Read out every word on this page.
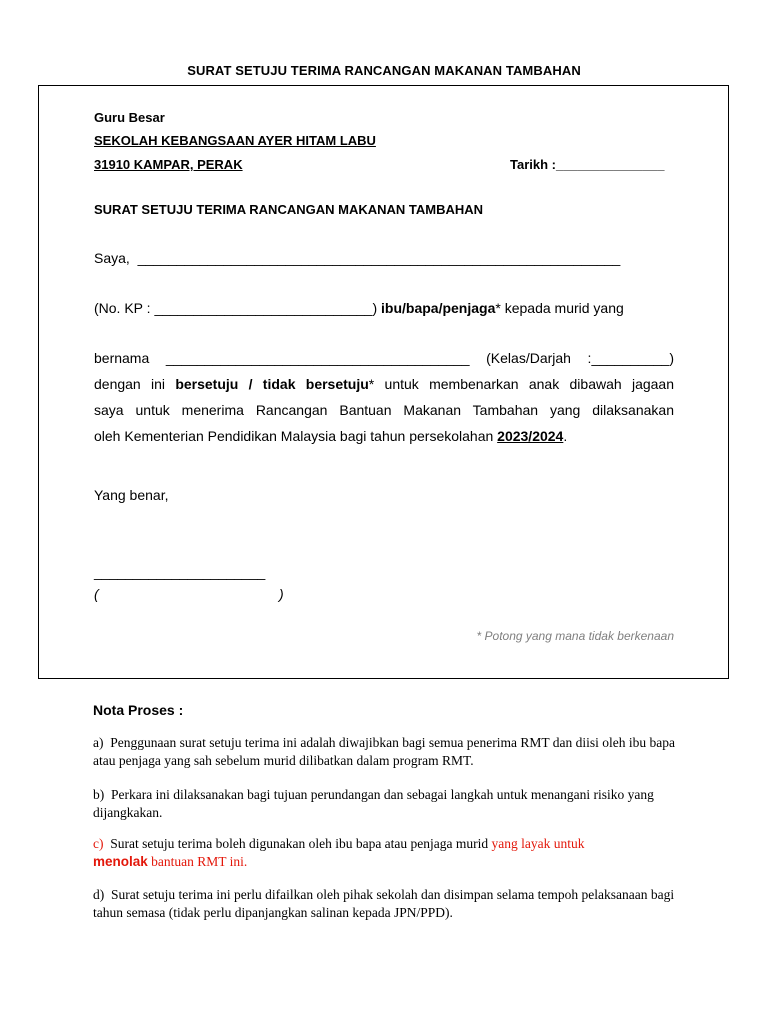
SURAT SETUJU TERIMA RANCANGAN MAKANAN TAMBAHAN
Guru Besar
SEKOLAH KEBANGSAAN AYER HITAM LABU
31910 KAMPAR, PERAK	Tarikh :_______________
SURAT SETUJU TERIMA RANCANGAN MAKANAN TAMBAHAN
Saya, ______________________________________________________________
(No. KP : ____________________________) ibu/bapa/penjaga* kepada murid yang
bernama _______________________________________ (Kelas/Darjah :__________)
dengan ini bersetuju / tidak bersetuju* untuk membenarkan anak dibawah jagaan
saya untuk menerima Rancangan Bantuan Makanan Tambahan yang dilaksanakan
oleh Kementerian Pendidikan Malaysia bagi tahun persekolahan 2023/2024.
Yang benar,
______________________
(	)
* Potong yang mana tidak berkenaan
Nota Proses :
a) Penggunaan surat setuju terima ini adalah diwajibkan bagi semua penerima RMT dan diisi oleh ibu bapa atau penjaga yang sah sebelum murid dilibatkan dalam program RMT.
b) Perkara ini dilaksanakan bagi tujuan perundangan dan sebagai langkah untuk menangani risiko yang dijangkakan.
c) Surat setuju terima boleh digunakan oleh ibu bapa atau penjaga murid yang layak untuk
menolak bantuan RMT ini.
d) Surat setuju terima ini perlu difailkan oleh pihak sekolah dan disimpan selama tempoh pelaksanaan bagi tahun semasa (tidak perlu dipanjangkan salinan kepada JPN/PPD).
